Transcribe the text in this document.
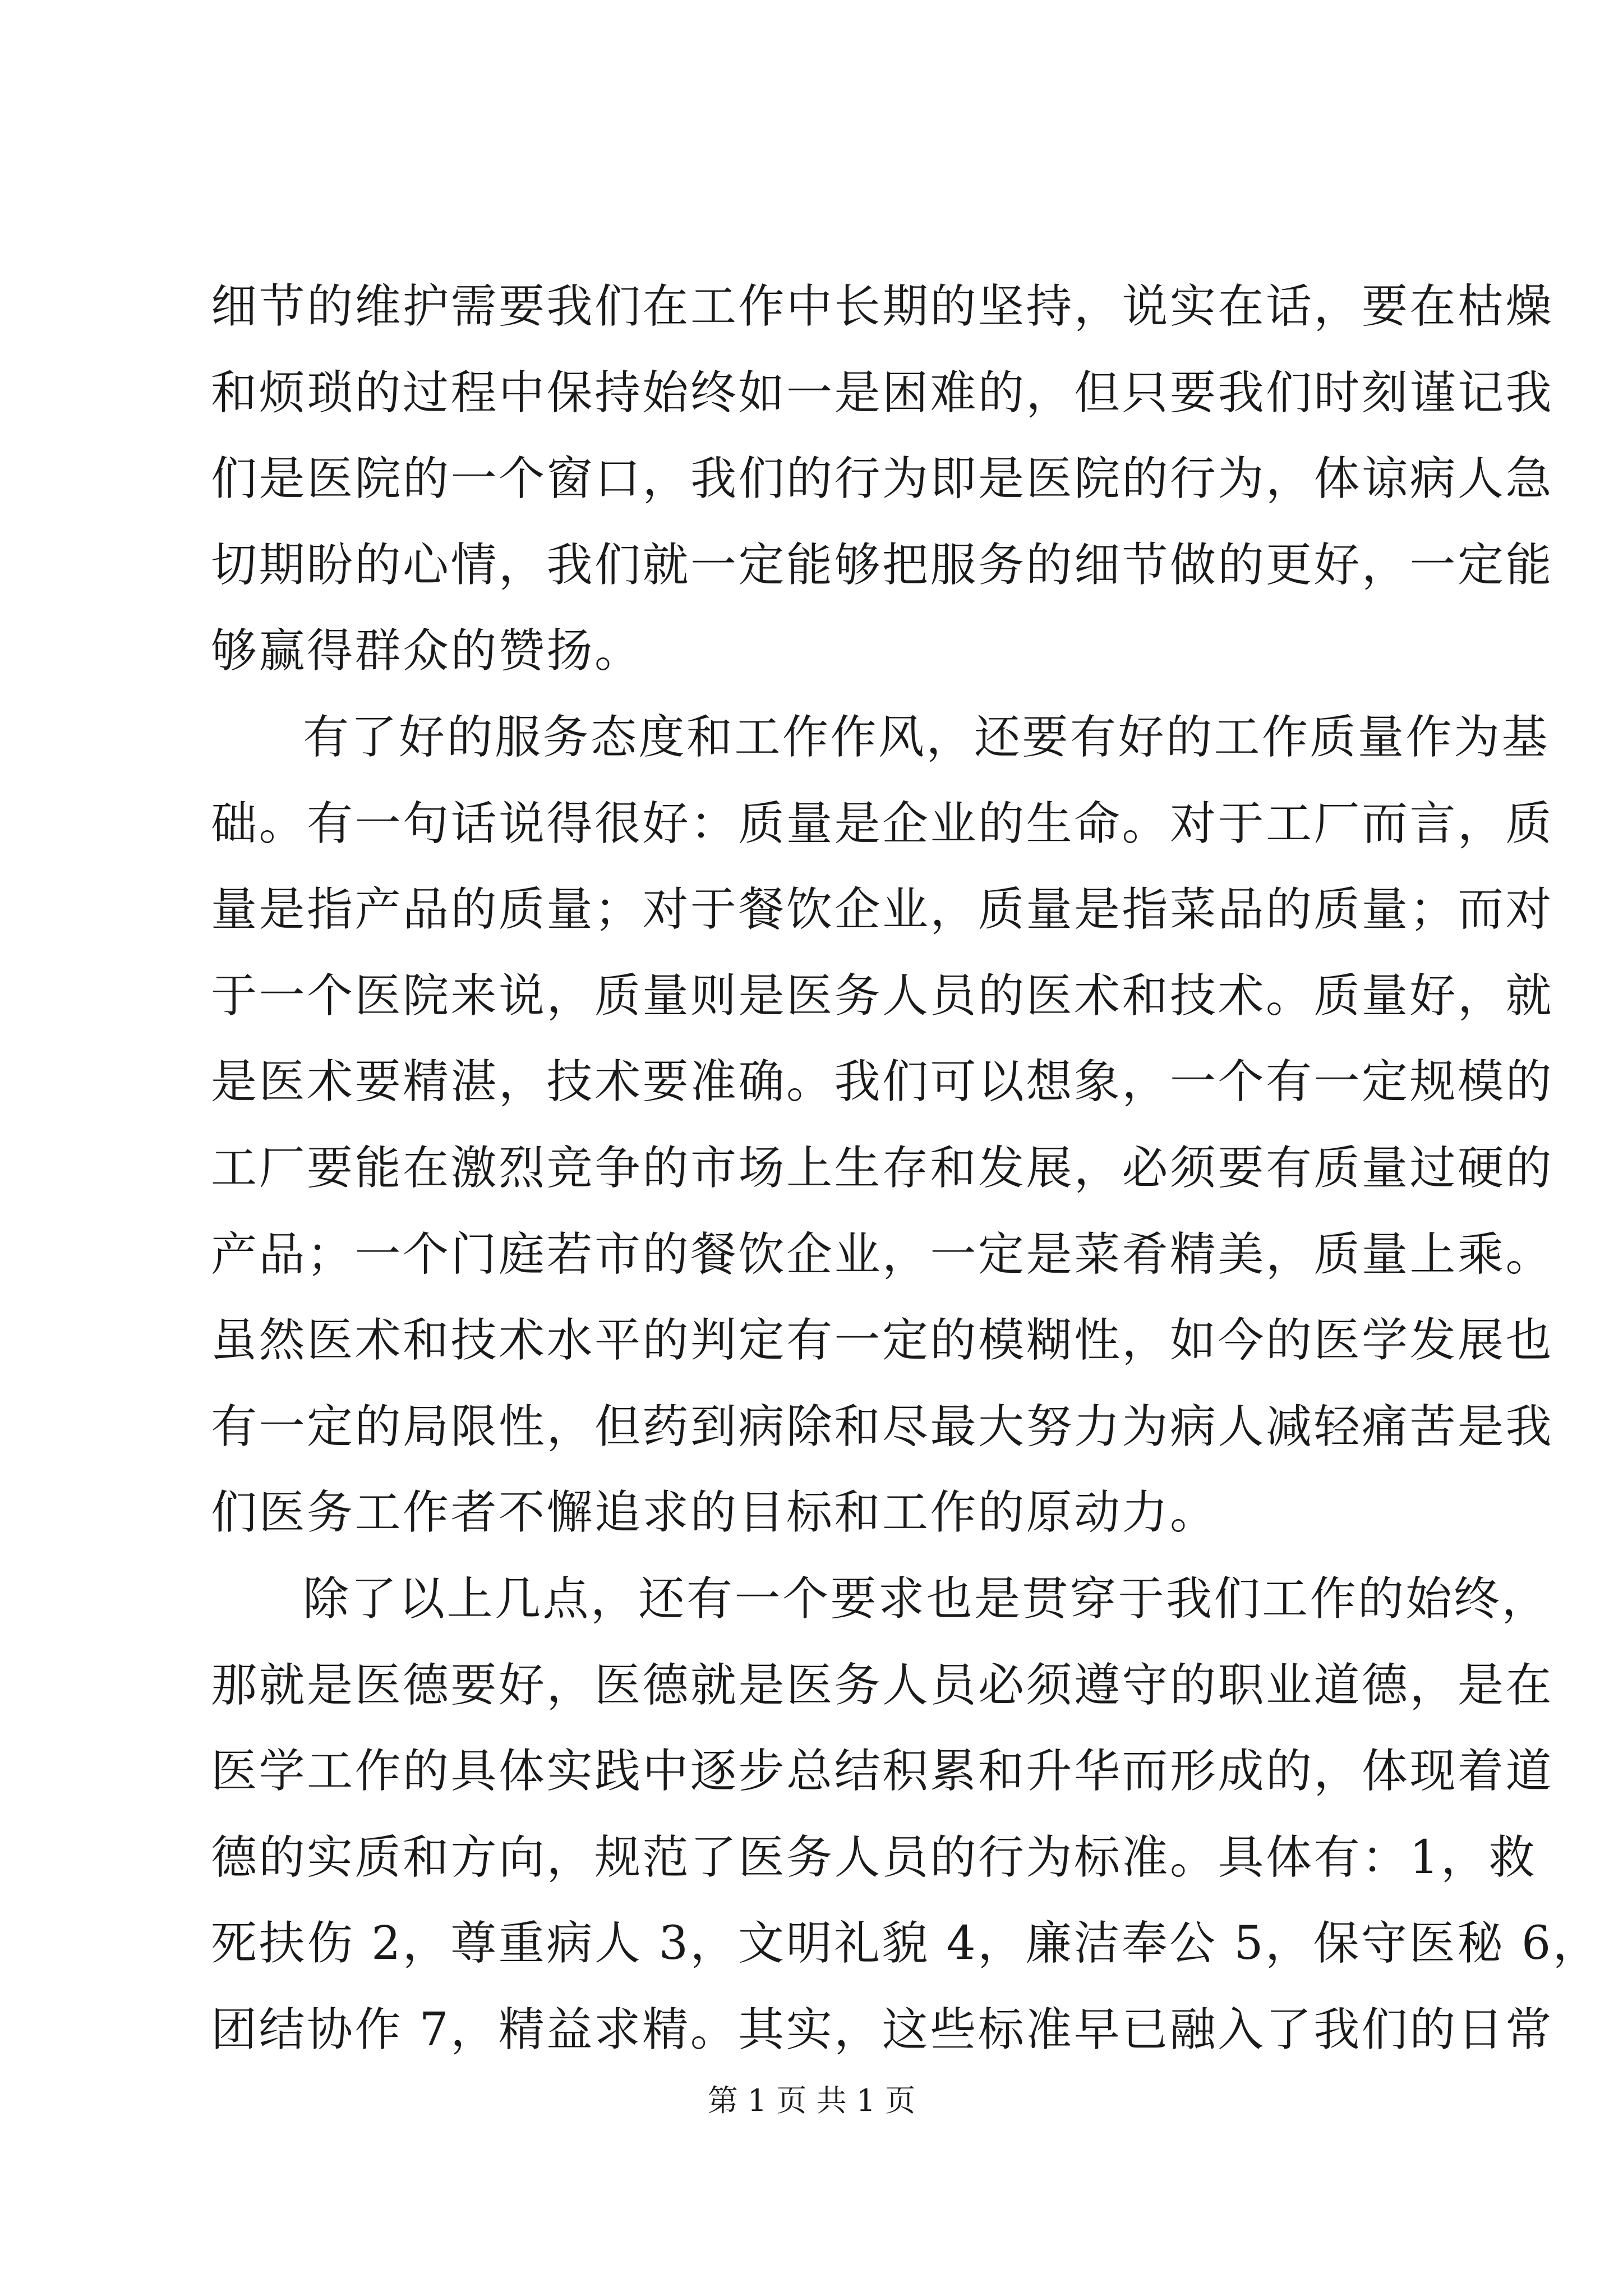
细节的维护需要我们在工作中长期的坚持，说实在话，要在枯燥
和烦琐的过程中保持始终如一是困难的，但只要我们时刻谨记我
们是医院的一个窗口，我们的行为即是医院的行为，体谅病人急
切期盼的心情，我们就一定能够把服务的细节做的更好，一定能
够赢得群众的赞扬。
有了好的服务态度和工作作风，还要有好的工作质量作为基
础。有一句话说得很好：质量是企业的生命。对于工厂而言，质
量是指产品的质量；对于餐饮企业，质量是指菜品的质量；而对
于一个医院来说，质量则是医务人员的医术和技术。质量好，就
是医术要精湛，技术要准确。我们可以想象，一个有一定规模的
工厂要能在激烈竞争的市场上生存和发展，必须要有质量过硬的
产品；一个门庭若市的餐饮企业，一定是菜肴精美，质量上乘。
虽然医术和技术水平的判定有一定的模糊性，如今的医学发展也
有一定的局限性，但药到病除和尽最大努力为病人减轻痛苦是我
们医务工作者不懈追求的目标和工作的原动力。
除了以上几点，还有一个要求也是贯穿于我们工作的始终，
那就是医德要好，医德就是医务人员必须遵守的职业道德，是在
医学工作的具体实践中逐步总结积累和升华而形成的，体现着道
德的实质和方向，规范了医务人员的行为标准。具体有：1，救
死扶伤 2，尊重病人 3，文明礼貌 4，廉洁奉公 5，保守医秘 6，
团结协作 7，精益求精。其实，这些标准早已融入了我们的日常
第 1 页 共 1 页
